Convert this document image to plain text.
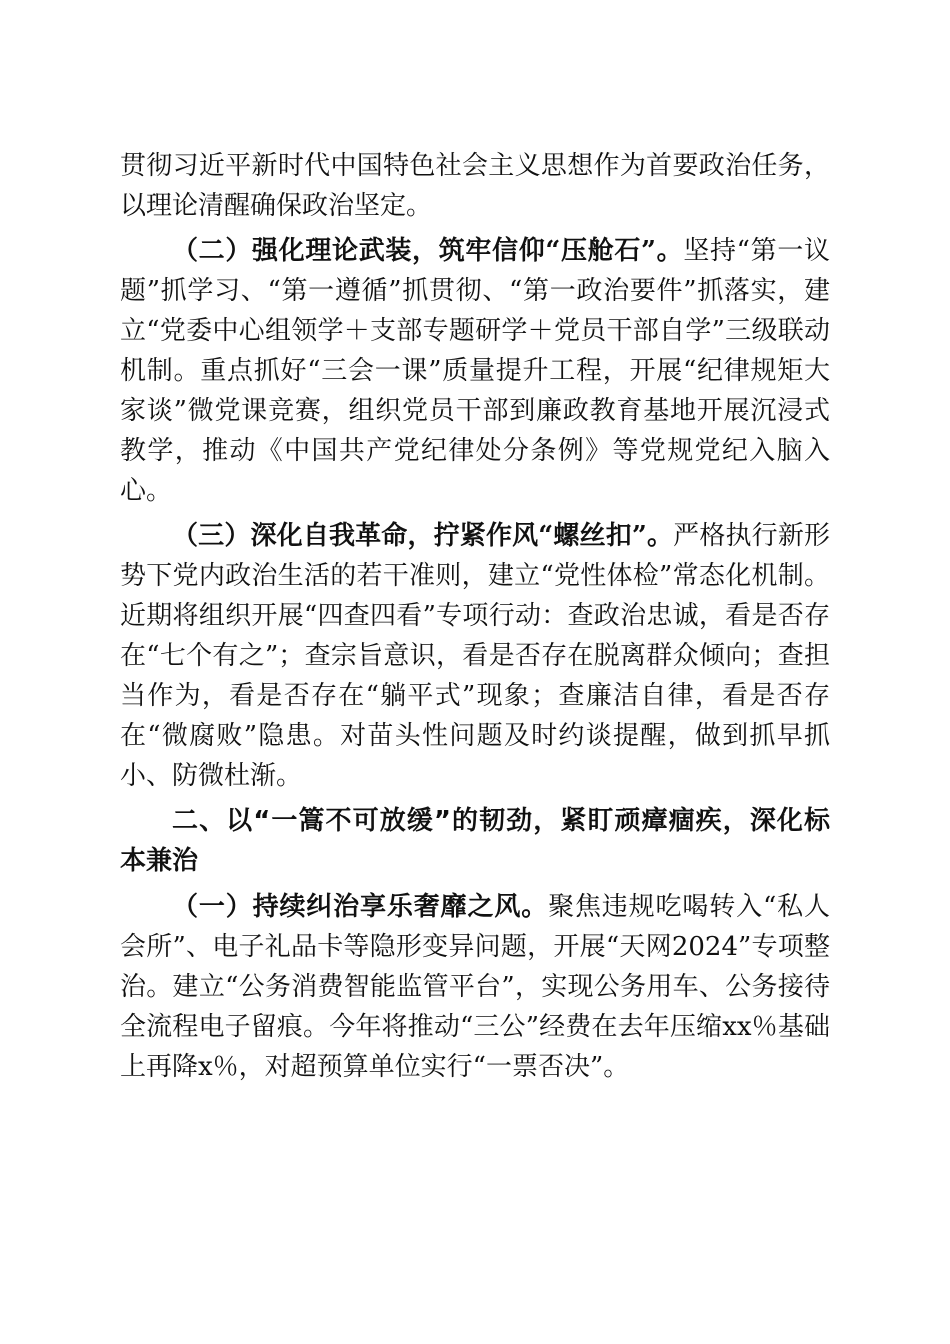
贯彻习近平新时代中国特色社会主义思想作为首要政治任务，以理论清醒确保政治坚定。

（二）强化理论武装，筑牢信仰“压舱石”。坚持“第一议题”抓学习、“第一遵循”抓贯彻、“第一政治要件”抓落实，建立“党委中心组领学＋支部专题研学＋党员干部自学”三级联动机制。重点抓好“三会一课”质量提升工程，开展“纪律规矩大家谈”微党课竞赛，组织党员干部到廉政教育基地开展沉浸式教学，推动《中国共产党纪律处分条例》等党规党纪入脑入心。

（三）深化自我革命，拧紧作风“螺丝扣”。严格执行新形势下党内政治生活的若干准则，建立“党性体检”常态化机制。近期将组织开展“四查四看”专项行动：查政治忠诚，看是否存在“七个有之”；查宗旨意识，看是否存在脱离群众倾向；查担当作为，看是否存在“躺平式”现象；查廉洁自律，看是否存在“微腐败”隐患。对苗头性问题及时约谈提醒，做到抓早抓小、防微杜渐。

二、以“一篙不可放缓”的韧劲，紧盯顽瘴痼疾，深化标本兼治

（一）持续纠治享乐奢靡之风。聚焦违规吃喝转入“私人会所”、电子礼品卡等隐形变异问题，开展“天网2024”专项整治。建立“公务消费智能监管平台”，实现公务用车、公务接待全流程电子留痕。今年将推动“三公”经费在去年压缩xx％基础上再降x％，对超预算单位实行“一票否决”。
